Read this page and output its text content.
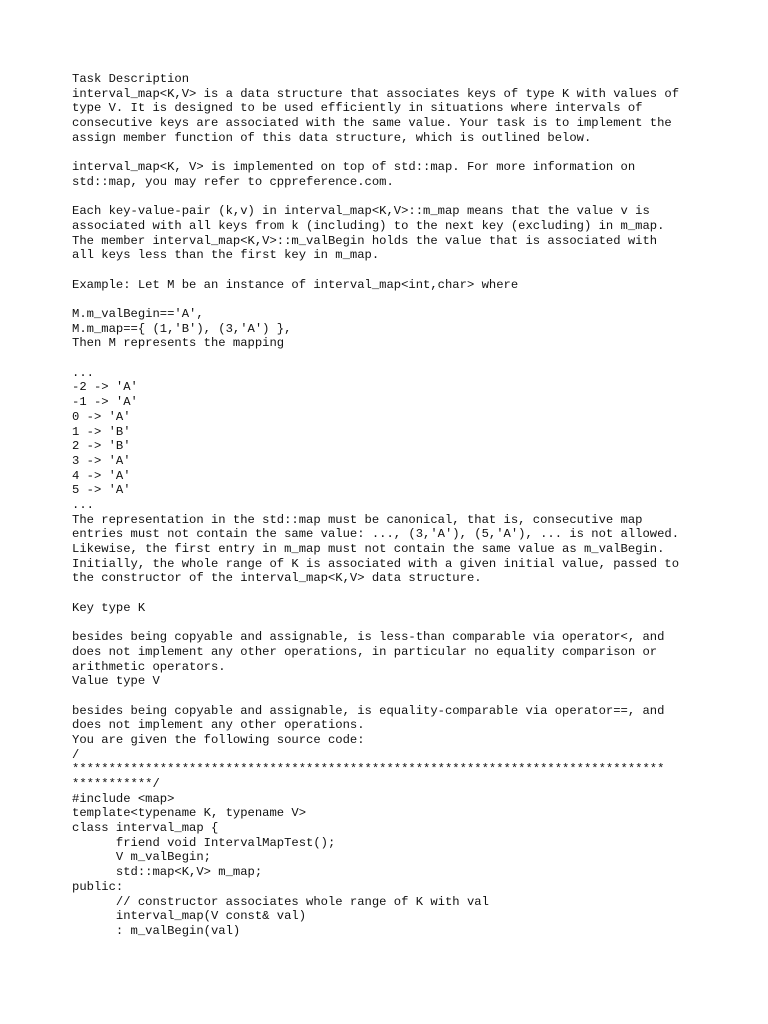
Task Description
interval_map<K,V> is a data structure that associates keys of type K with values of
type V. It is designed to be used efficiently in situations where intervals of
consecutive keys are associated with the same value. Your task is to implement the
assign member function of this data structure, which is outlined below.
interval_map<K, V> is implemented on top of std::map. For more information on
std::map, you may refer to cppreference.com.
Each key-value-pair (k,v) in interval_map<K,V>::m_map means that the value v is
associated with all keys from k (including) to the next key (excluding) in m_map.
The member interval_map<K,V>::m_valBegin holds the value that is associated with
all keys less than the first key in m_map.
Example: Let M be an instance of interval_map<int,char> where
M.m_valBegin=='A',
M.m_map=={ (1,'B'), (3,'A') },
Then M represents the mapping
...
-2 -> 'A'
-1 -> 'A'
0 -> 'A'
1 -> 'B'
2 -> 'B'
3 -> 'A'
4 -> 'A'
5 -> 'A'
...
The representation in the std::map must be canonical, that is, consecutive map
entries must not contain the same value: ..., (3,'A'), (5,'A'), ... is not allowed.
Likewise, the first entry in m_map must not contain the same value as m_valBegin.
Initially, the whole range of K is associated with a given initial value, passed to
the constructor of the interval_map<K,V> data structure.
Key type K
besides being copyable and assignable, is less-than comparable via operator<, and
does not implement any other operations, in particular no equality comparison or
arithmetic operators.
Value type V
besides being copyable and assignable, is equality-comparable via operator==, and
does not implement any other operations.
You are given the following source code:
/
*********************************************************************************
***********/
#include <map>
template<typename K, typename V>
class interval_map {
friend void IntervalMapTest();
V m_valBegin;
std::map<K,V> m_map;
public:
// constructor associates whole range of K with val
interval_map(V const& val)
: m_valBegin(val)
